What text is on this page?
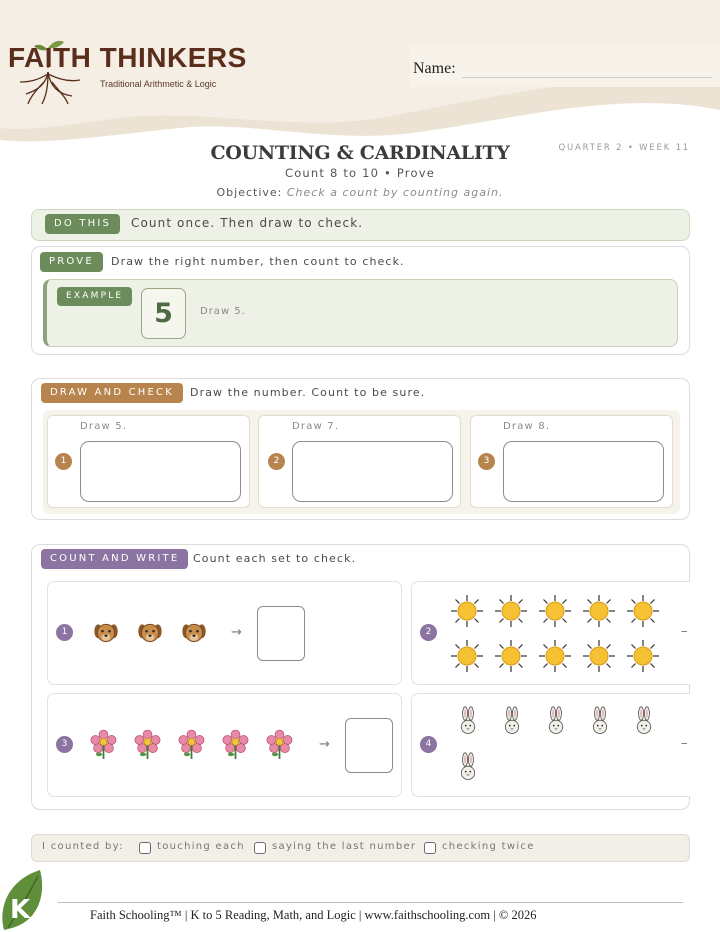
FAITH THINKERS
Traditional Arithmetic & Logic
Name:
QUARTER 2 • WEEK 11
COUNTING & CARDINALITY
Count 8 to 10 • Prove
Objective: Check a count by counting again.
DO THIS	Count once. Then draw to check.
PROVE	Draw the right number, then count to check.
EXAMPLE
5	Draw 5.
DRAW AND CHECK	Draw the number. Count to be sure.
Draw 5.
1
Draw 7.
2
Draw 8.
3
COUNT AND WRITE	Count each set to check.
1	→	2	–
3	→	4	–
I counted by:	touching each	saying the last number	checking twice
K	Faith Schooling™ | K to 5 Reading, Math, and Logic | www.faithschooling.com | © 2026
